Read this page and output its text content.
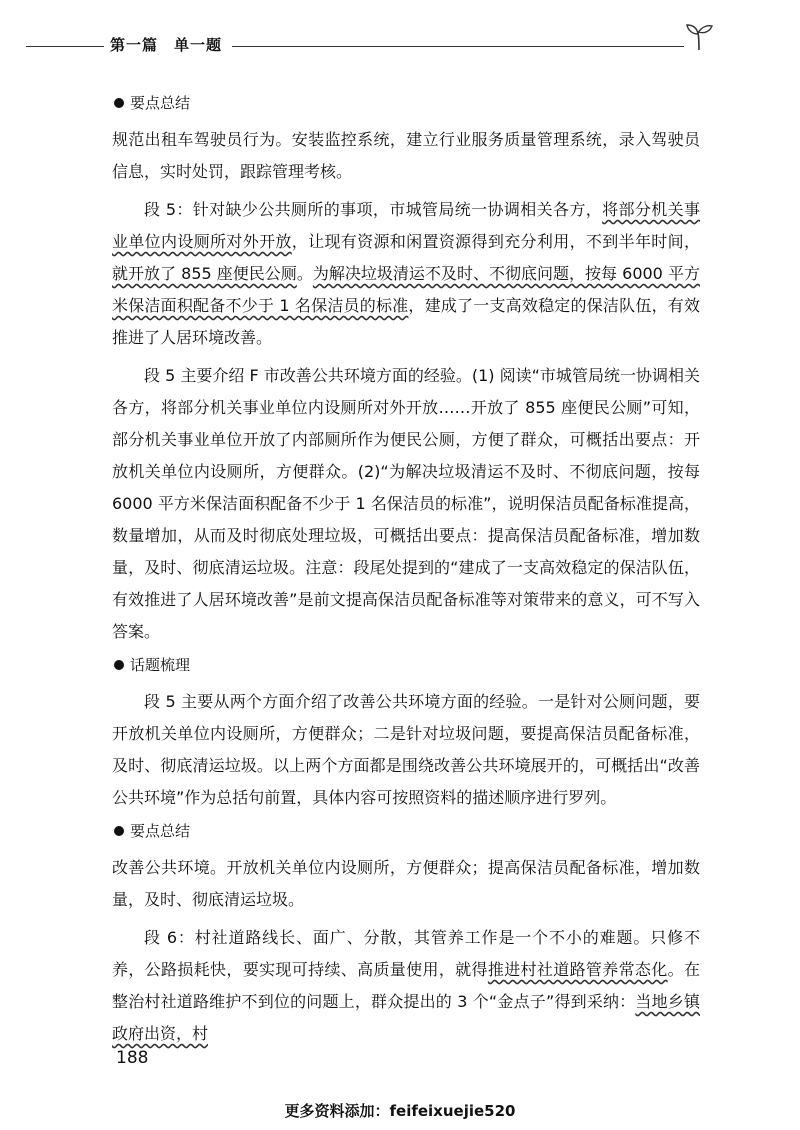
第一篇　单一题
要点总结
规范出租车驾驶员行为。安装监控系统，建立行业服务质量管理系统，录入驾驶员信息，实时处罚，跟踪管理考核。
段 5：针对缺少公共厕所的事项，市城管局统一协调相关各方，将部分机关事业单位内设厕所对外开放，让现有资源和闲置资源得到充分利用，不到半年时间，就开放了 855 座便民公厕。为解决垃圾清运不及时、不彻底问题，按每 6000 平方米保洁面积配备不少于 1 名保洁员的标准，建成了一支高效稳定的保洁队伍，有效推进了人居环境改善。
段 5 主要介绍 F 市改善公共环境方面的经验。(1) 阅读“市城管局统一协调相关各方，将部分机关事业单位内设厕所对外开放……开放了 855 座便民公厕”可知，部分机关事业单位开放了内部厕所作为便民公厕，方便了群众，可概括出要点：开放机关单位内设厕所，方便群众。(2)“为解决垃圾清运不及时、不彻底问题，按每 6000 平方米保洁面积配备不少于 1 名保洁员的标准”，说明保洁员配备标准提高，数量增加，从而及时彻底处理垃圾，可概括出要点：提高保洁员配备标准，增加数量，及时、彻底清运垃圾。注意：段尾处提到的“建成了一支高效稳定的保洁队伍，有效推进了人居环境改善”是前文提高保洁员配备标准等对策带来的意义，可不写入答案。
话题梳理
段 5 主要从两个方面介绍了改善公共环境方面的经验。一是针对公厕问题，要开放机关单位内设厕所，方便群众；二是针对垃圾问题，要提高保洁员配备标准，及时、彻底清运垃圾。以上两个方面都是围绕改善公共环境展开的，可概括出“改善公共环境”作为总括句前置，具体内容可按照资料的描述顺序进行罗列。
要点总结
改善公共环境。开放机关单位内设厕所，方便群众；提高保洁员配备标准，增加数量，及时、彻底清运垃圾。
段 6：村社道路线长、面广、分散，其管养工作是一个不小的难题。只修不养，公路损耗快，要实现可持续、高质量使用，就得推进村社道路管养常态化。在整治村社道路维护不到位的问题上，群众提出的 3 个“金点子”得到采纳：当地乡镇政府出资，村
188
更多资料添加：feifeixuejie520
